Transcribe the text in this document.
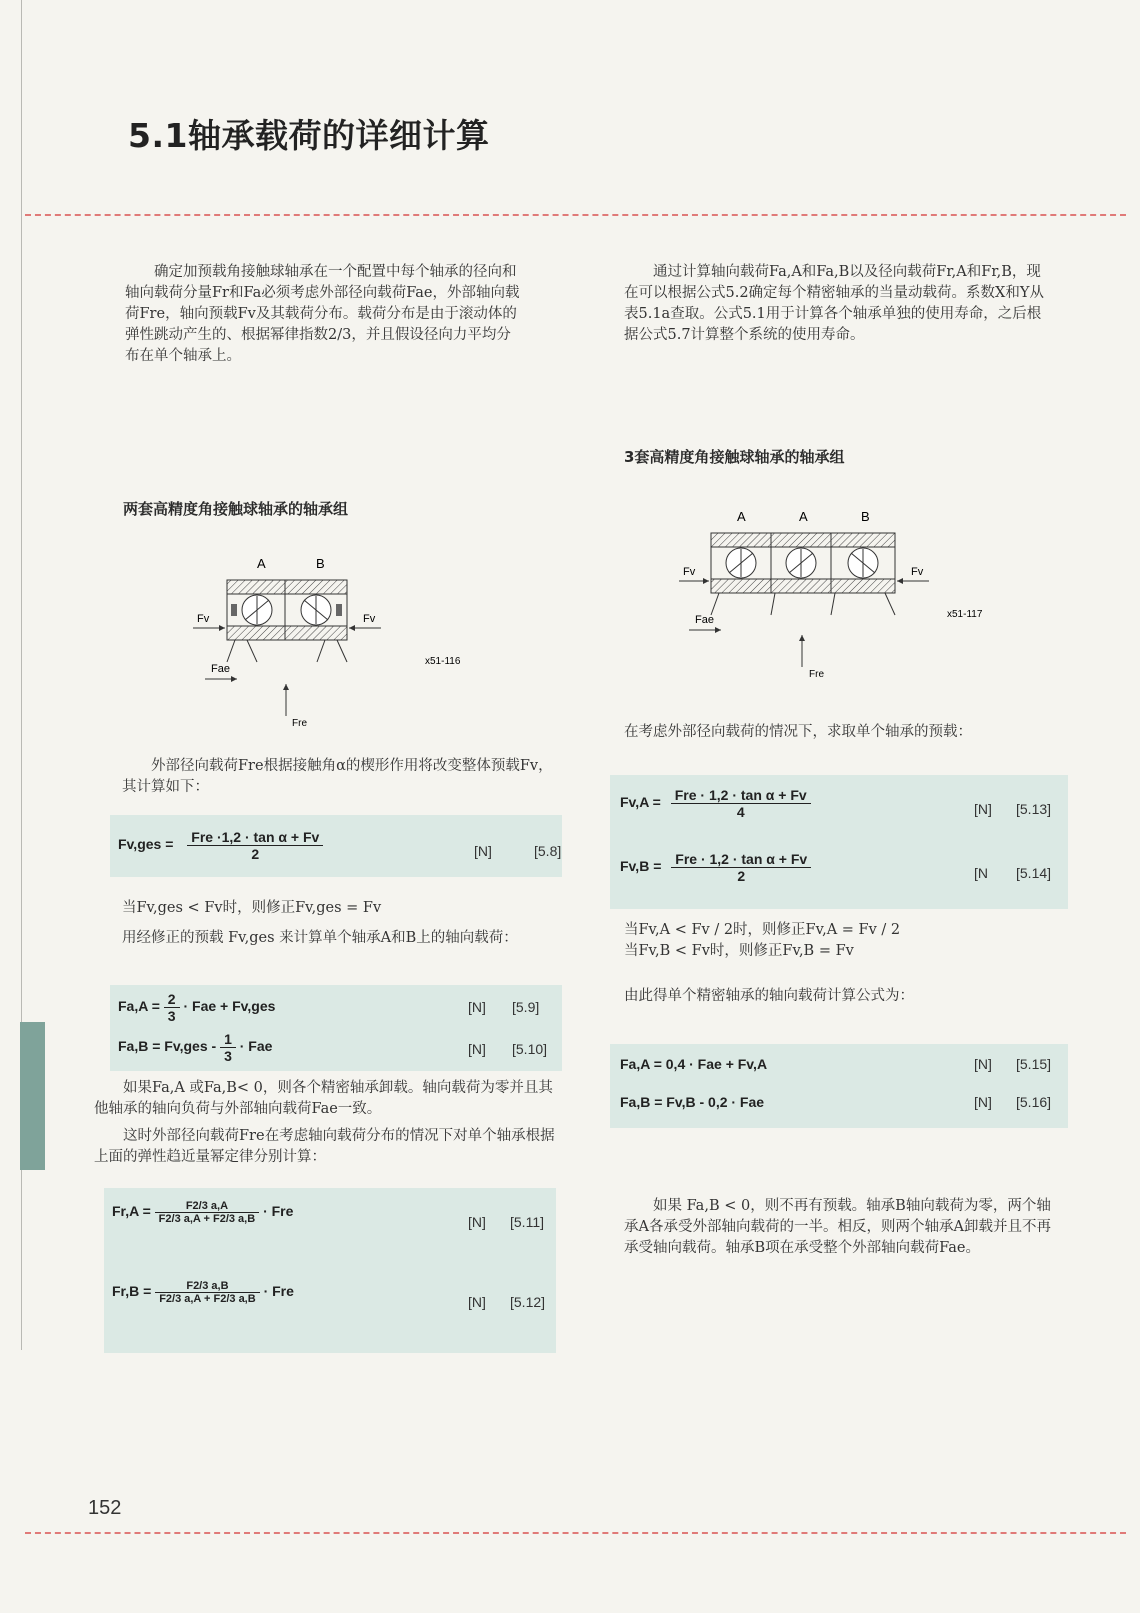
5.1轴承载荷的详细计算
确定加预载角接触球轴承在一个配置中每个轴承的径向和轴向载荷分量Fr和Fa必须考虑外部径向载荷Fae，外部轴向载荷Fre，轴向预载Fv及其载荷分布。载荷分布是由于滚动体的弹性跳动产生的、根据幂律指数2/3，并且假设径向力平均分布在单个轴承上。
两套高精度角接触球轴承的轴承组
A	B
Fv	Fv
Fae
Fre
x51-116
外部径向载荷Fre根据接触角α的楔形作用将改变整体预载Fv，其计算如下：
$Fv,ges = \frac{\text{Fre ·1,2 · tan α + Fv}}{2}$	[N]	[5.8]
当Fv,ges < Fv时，则修正Fv,ges = Fv
用经修正的预载 Fv,ges 来计算单个轴承A和B上的轴向载荷：
$Fa,A = \frac{2}{3}$ · Fae + Fv,ges	[N] [5.9]
$Fa,B = Fv,ges - \frac{1}{3}$ · Fae	[N] [5.10]
如果Fa,A 或Fa,B< 0，则各个精密轴承卸载。轴向载荷为零并且其他轴承的轴向负荷与外部轴向载荷Fae一致。
这时外部径向载荷Fre在考虑轴向载荷分布的情况下对单个轴承根据上面的弹性趋近量幂定律分别计算：
$Fr,A = \frac{F2/3 a,A}{F2/3 a,A + F2/3 a,B}$ · Fre
[N] [5.11]
$Fr,B = \frac{F2/3 a,B}{F2/3 a,A + F2/3 a,B}$ · Fre
[N] [5.12]
通过计算轴向载荷Fa,A和Fa,B以及径向载荷Fr,A和Fr,B，现在可以根据公式5.2确定每个精密轴承的当量动载荷。系数X和Y从表5.1a查取。公式5.1用于计算各个轴承单独的使用寿命，之后根据公式5.7计算整个系统的使用寿命。
3套高精度角接触球轴承的轴承组
A	A	B
Fv	Fv
Fae
Fre
x51-117
在考虑外部径向载荷的情况下，求取单个轴承的预载：
$Fv,A = \frac{\text{Fre · 1,2 · tan α + Fv}}{4}$	[N] [5.13]
$Fv,B = \frac{\text{Fre · 1,2 · tan α + Fv}}{2}$	[N [5.14]
当Fv,A < Fv / 2时，则修正Fv,A = Fv / 2
当Fv,B < Fv时，则修正Fv,B = Fv
由此得单个精密轴承的轴向载荷计算公式为：
Fa,A = 0,4 · Fae + Fv,A	[N] [5.15]
Fa,B = Fv,B - 0,2 · Fae	[N] [5.16]
如果 Fa,B < 0，则不再有预载。轴承B轴向载荷为零，两个轴承A各承受外部轴向载荷的一半。相反，则两个轴承A卸载并且不再承受轴向载荷。轴承B项在承受整个外部轴向载荷Fae。
152
